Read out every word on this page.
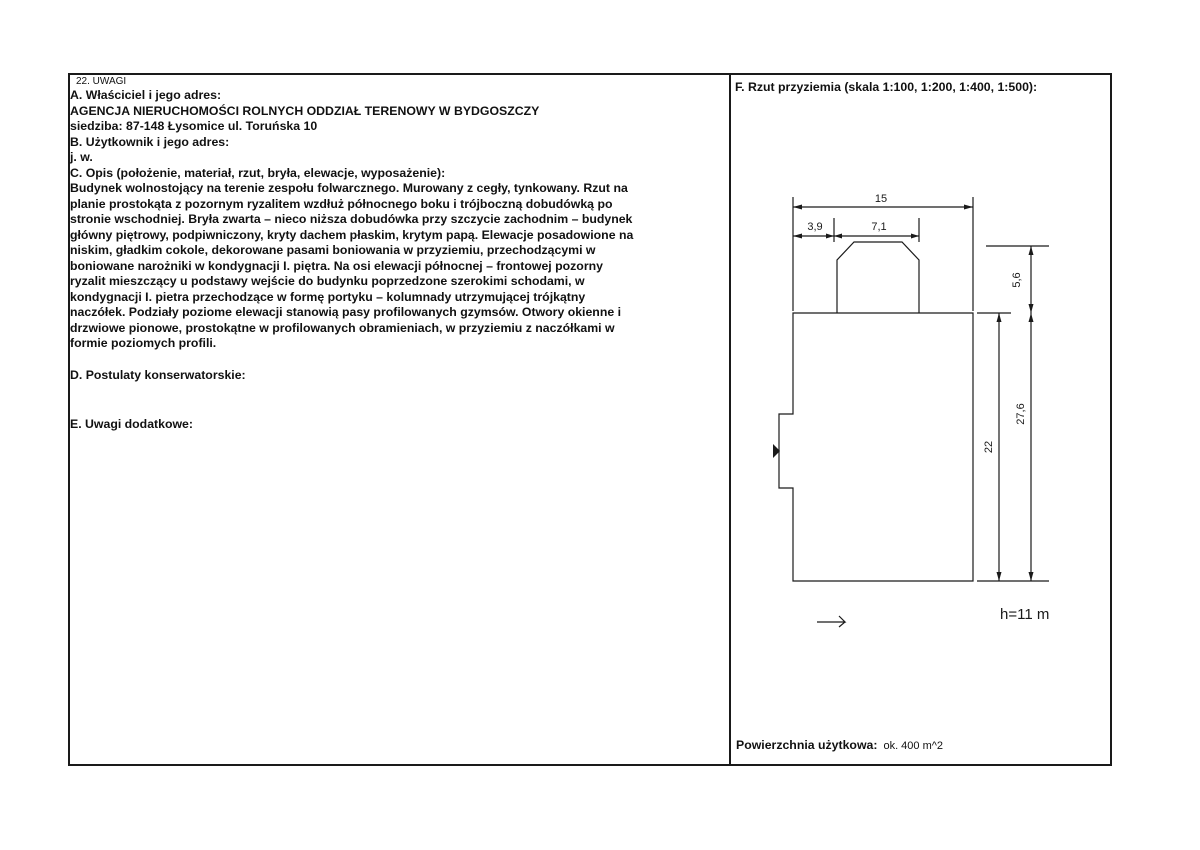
22. UWAGI
A. Właściciel i jego adres:
AGENCJA NIERUCHOMOŚCI ROLNYCH ODDZIAŁ TERENOWY W BYDGOSZCZY
siedziba: 87-148 Łysomice ul. Toruńska 10
B. Użytkownik i jego adres:
j. w.
C. Opis (położenie, materiał, rzut, bryła, elewacje, wyposażenie):
Budynek wolnostojący na terenie zespołu folwarcznego. Murowany z cegły, tynkowany. Rzut na
planie prostokąta z pozornym ryzalitem wzdłuż północnego boku i trójboczną dobudówką po
stronie wschodniej. Bryła zwarta – nieco niższa dobudówka przy szczycie zachodnim – budynek
główny piętrowy, podpiwniczony, kryty dachem płaskim, krytym papą. Elewacje posadowione na
niskim, gładkim cokole, dekorowane pasami boniowania w przyziemiu, przechodzącymi w
boniowane narożniki w kondygnacji I. piętra. Na osi elewacji północnej – frontowej pozorny
ryzalit mieszczący u podstawy wejście do budynku poprzedzone szerokimi schodami, w
kondygnacji I. pietra przechodzące w formę portyku – kolumnady utrzymującej trójkątny
naczółek. Podziały poziome elewacji stanowią pasy profilowanych gzymsów. Otwory okienne i
drzwiowe pionowe, prostokątne w profilowanych obramieniach, w przyziemiu z naczółkami w
formie poziomych profili.
D. Postulaty konserwatorskie:
E. Uwagi dodatkowe:
F. Rzut przyziemia (skala 1:100, 1:200, 1:400, 1:500):
15
3,9	7,1
5,6
22
27,6
h=11 m
Powierzchnia użytkowa: ok. 400 m^2
